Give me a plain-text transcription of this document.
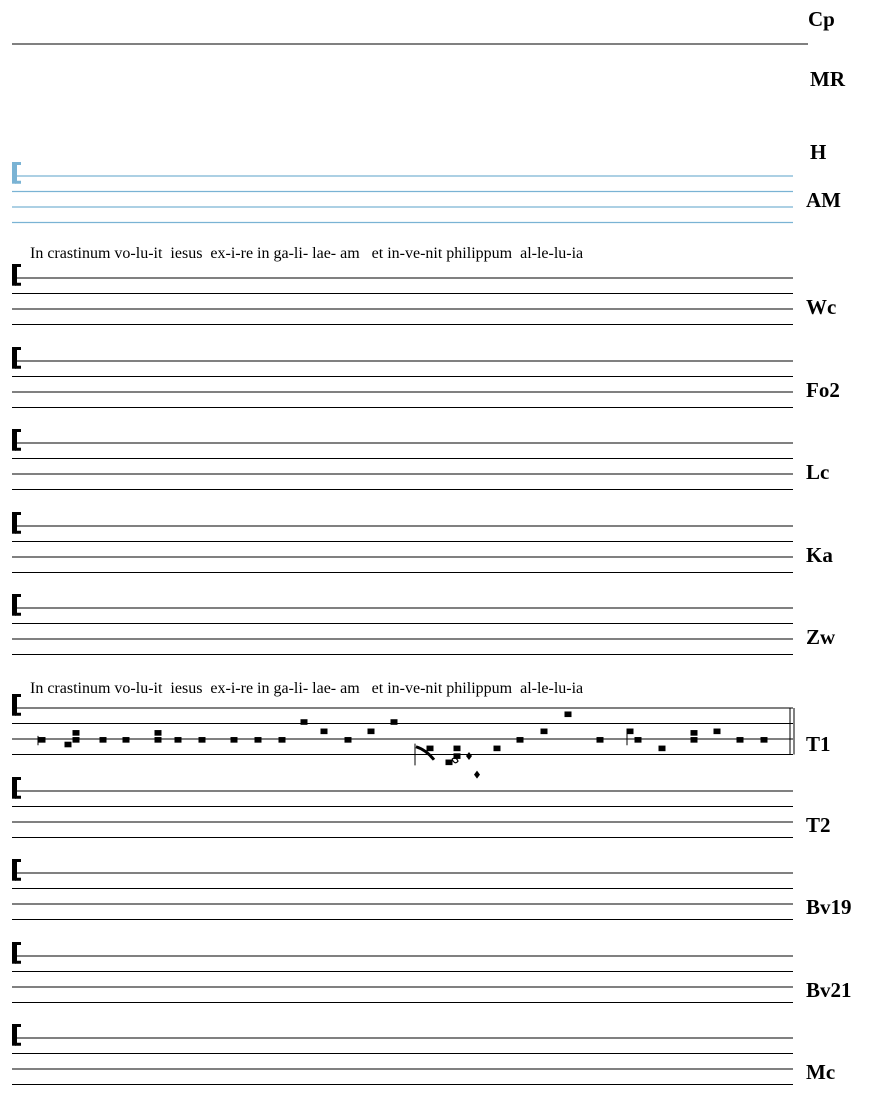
In crastinum vo-lu-it  iesus  ex-i-re in ga-li- lae- am   et in-ve-nit philippum  al-le-lu-ia
In crastinum vo-lu-it  iesus  ex-i-re in ga-li- lae- am   et in-ve-nit philippum  al-le-lu-ia
Cp
MR
H
AM
Wc
Fo2
Lc
Ka
Zw
T1
T2
Bv19
Bv21
Mc
